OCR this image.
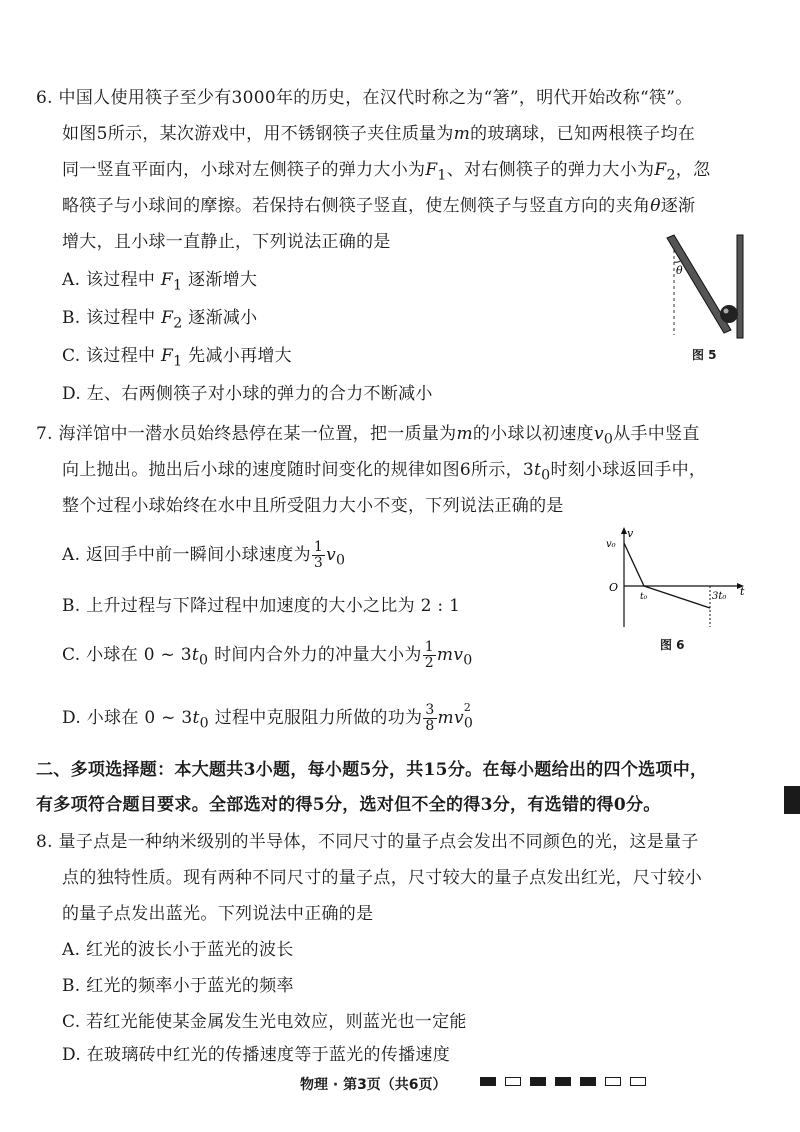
6. 中国人使用筷子至少有3000年的历史，在汉代时称之为“箸”，明代开始改称“筷”。
如图5所示，某次游戏中，用不锈钢筷子夹住质量为m的玻璃球，已知两根筷子均在
同一竖直平面内，小球对左侧筷子的弹力大小为$F_1$、对右侧筷子的弹力大小为$F_2$，忽
略筷子与小球间的摩擦。若保持右侧筷子竖直，使左侧筷子与竖直方向的夹角θ逐渐
增大，且小球一直静止，下列说法正确的是
A. 该过程中 $F_1$ 逐渐增大
B. 该过程中 $F_2$ 逐渐减小
C. 该过程中 $F_1$ 先减小再增大
D. 左、右两侧筷子对小球的弹力的合力不断减小
θ
图 5
7. 海洋馆中一潜水员始终悬停在某一位置，把一质量为m的小球以初速度$v_0$从手中竖直
向上抛出。抛出后小球的速度随时间变化的规律如图6所示，$3t_0$时刻小球返回手中，
整个过程小球始终在水中且所受阻力大小不变，下列说法正确的是
A. 返回手中前一瞬间小球速度为 $\frac{1}{3} v_0$
B. 上升过程与下降过程中加速度的大小之比为 2 : 1
C. 小球在 0 ~ $3t_0$ 时间内合外力的冲量大小为 $\frac{1}{2} mv_0$
D. 小球在 0 ~ $3t_0$ 过程中克服阻力所做的功为 $\frac{3}{8}$ mv
2
$_0$
v₀
v
O
t₀	3t₀ t
图 6
二、多项选择题：本大题共3小题，每小题5分，共15分。在每小题给出的四个选项中，
有多项符合题目要求。全部选对的得5分，选对但不全的得3分，有选错的得0分。
8. 量子点是一种纳米级别的半导体，不同尺寸的量子点会发出不同颜色的光，这是量子
点的独特性质。现有两种不同尺寸的量子点，尺寸较大的量子点发出红光，尺寸较小
的量子点发出蓝光。下列说法中正确的是
A. 红光的波长小于蓝光的波长
B. 红光的频率小于蓝光的频率
C. 若红光能使某金属发生光电效应，则蓝光也一定能
D. 在玻璃砖中红光的传播速度等于蓝光的传播速度
物理 · 第3页（共6页）
